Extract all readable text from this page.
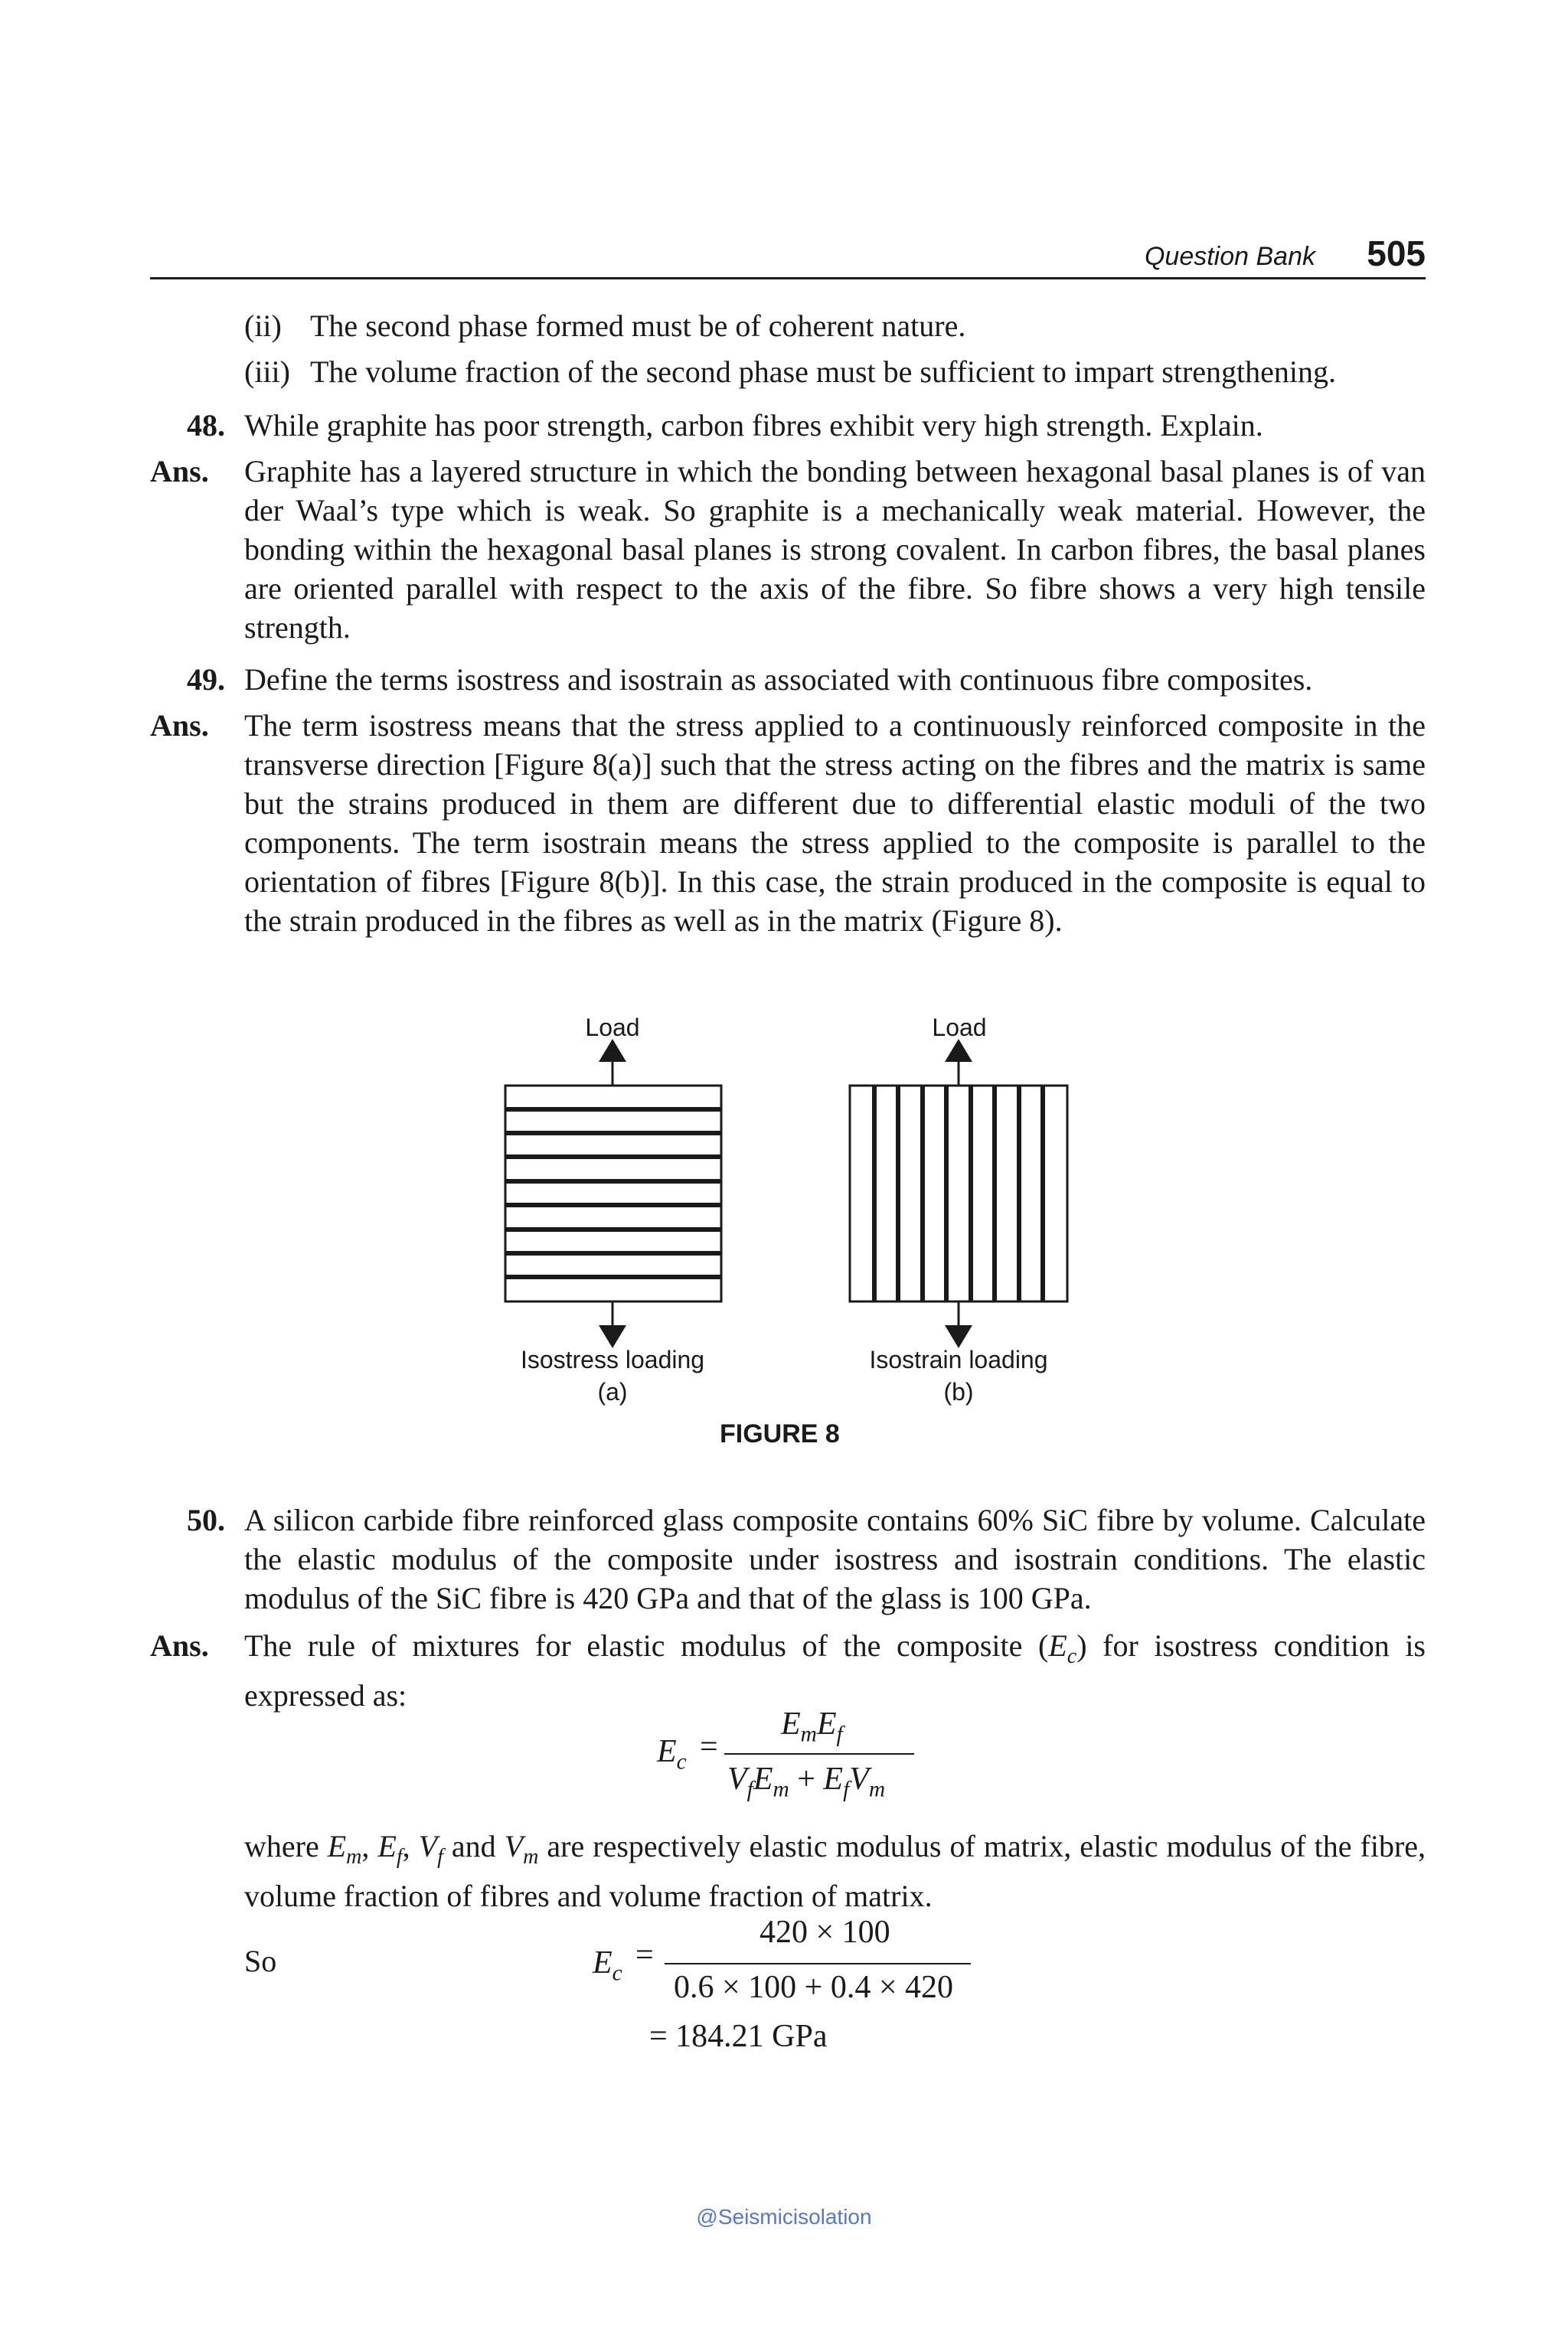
Question Bank 505
(ii) The second phase formed must be of coherent nature.
(iii) The volume fraction of the second phase must be sufficient to impart strengthening.
48. While graphite has poor strength, carbon fibres exhibit very high strength. Explain.
Ans. Graphite has a layered structure in which the bonding between hexagonal basal planes is of van der Waal’s type which is weak. So graphite is a mechanically weak material. However, the bonding within the hexagonal basal planes is strong covalent. In carbon fibres, the basal planes are oriented parallel with respect to the axis of the fibre. So fibre shows a very high tensile strength.
49. Define the terms isostress and isostrain as associated with continuous fibre composites.
Ans. The term isostress means that the stress applied to a continuously reinforced composite in the transverse direction [Figure 8(a)] such that the stress acting on the fibres and the matrix is same but the strains produced in them are different due to differential elastic moduli of the two components. The term isostrain means the stress applied to the composite is parallel to the orientation of fibres [Figure 8(b)]. In this case, the strain produced in the composite is equal to the strain produced in the fibres as well as in the matrix (Figure 8).
Load	Load
Isostress loading
(a)
Isostrain loading
(b)
FIGURE 8
50. A silicon carbide fibre reinforced glass composite contains 60% SiC fibre by volume. Calculate the elastic modulus of the composite under isostress and isostrain conditions. The elastic modulus of the SiC fibre is 420 GPa and that of the glass is 100 GPa.
Ans. The rule of mixtures for elastic modulus of the composite $(E_c)$ for isostress condition is expressed as:
$E_c$ =
$E_mE_f$
$V_fE_m + E_fV_m$
where $E_m$, $E_f$, $V_f$ and $V_m$ are respectively elastic modulus of matrix, elastic modulus of the fibre, volume fraction of fibres and volume fraction of matrix.
So	$E_c$
=
420 × 100
0.6 × 100 + 0.4 × 420
= 184.21 GPa
@Seismicisolation
